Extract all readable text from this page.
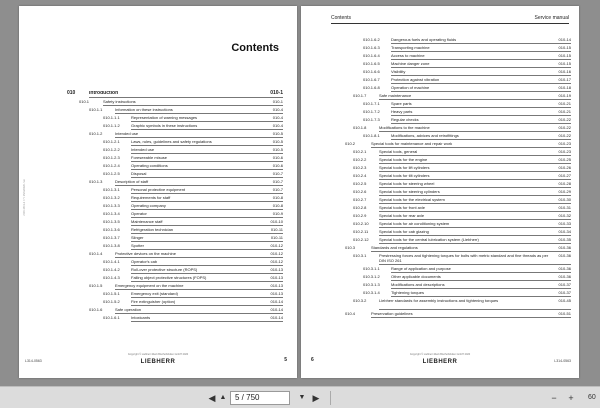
L509-1501-2 / 7 / 15/11/2020 / en
Contents
010	Introduction	010-1
010.1	Safety instructions	010-1
010.1.1	Information on these instructions	010-4
010.1.1.1	Representation of warning messages	010-4
010.1.1.2	Graphic symbols in these instructions	010-4
010.1.2	Intended use	010-5
010.1.2.1	Laws, rules, guidelines and safety regulations	010-5
010.1.2.2	Intended use	010-5
010.1.2.3	Foreseeable misuse	010-6
010.1.2.4	Operating conditions	010-6
010.1.2.5	Disposal	010-7
010.1.3	Description of staff	010-7
010.1.3.1	Personal protective equipment	010-7
010.1.3.2	Requirements for staff	010-8
010.1.3.3	Operating company	010-8
010.1.3.4	Operator	010-9
010.1.3.5	Maintenance staff	010-10
010.1.3.6	Refrigeration technician	010-11
010.1.3.7	Slinger	010-11
010.1.3.8	Spotter	010-12
010.1.4	Protective devices on the machine	010-12
010.1.4.1	Operator's cab	010-12
010.1.4.2	Roll-over protective structure (ROPS)	010-13
010.1.4.3	Falling object protective structures (FOPS)	010-13
010.1.5	Emergency equipment on the machine	010-13
010.1.5.1	Emergency exit (standard)	010-13
010.1.5.2	Fire extinguisher (option)	010-14
010.1.6	Safe operation	010-14
010.1.6.1	Intoxicants	010-14
Copyright © Liebherr-Werk Bischofshofen GmbH 2020
L314-0563	LIEBHERR	5
Contents	Service manual
010.1.6.2	Dangerous fuels and operating fluids	010-14
010.1.6.3	Transporting machine	010-15
010.1.6.4	Access to machine	010-15
010.1.6.5	Machine danger zone	010-15
010.1.6.6	Visibility	010-16
010.1.6.7	Protection against vibration	010-17
010.1.6.8	Operation of machine	010-18
010.1.7	Safe maintenance	010-19
010.1.7.1	Spare parts	010-21
010.1.7.2	Heavy parts	010-21
010.1.7.3	Regular checks	010-22
010.1.8	Modifications to the machine	010-22
010.1.8.1	Modifications, advices and retrofittings	010-22
010.2	Special tools for maintenance and repair work	010-23
010.2.1	Special tools, general	010-23
010.2.2	Special tools for the engine	010-25
010.2.3	Special tools for lift cylinders	010-26
010.2.4	Special tools for tilt cylinders	010-27
010.2.5	Special tools for steering wheel	010-28
010.2.6	Special tools for steering cylinders	010-29
010.2.7	Special tools for the electrical system	010-30
010.2.8	Special tools for front axle	010-31
010.2.9	Special tools for rear axle	010-32
010.2.10	Special tools for air conditioning system	010-33
010.2.11	Special tools for cab glazing	010-34
010.2.12	Special tools for the central lubrication system (Liebherr)	010-35
010.3	Standards and regulations	010-36
010.3.1	Prestressing forces and tightening torques for bolts with metric standard and fine threads as per DIN ISO 261
010-36
010.3.1.1	Range of application and purpose	010-36
010.3.1.2	Other applicable documents	010-36
010.3.1.3	Modifications and descriptions	010-37
010.3.1.4	Tightening torques	010-37
010.3.2	Liebherr standards for assembly instructions and tightening torques	010-45
010.4	Preservation guidelines	010-51
Copyright © Liebherr-Werk Bischofshofen GmbH 2020
6	LIEBHERR	L314-0563
◀ ▲	5 / 750	▼ ▶	−	+	60
